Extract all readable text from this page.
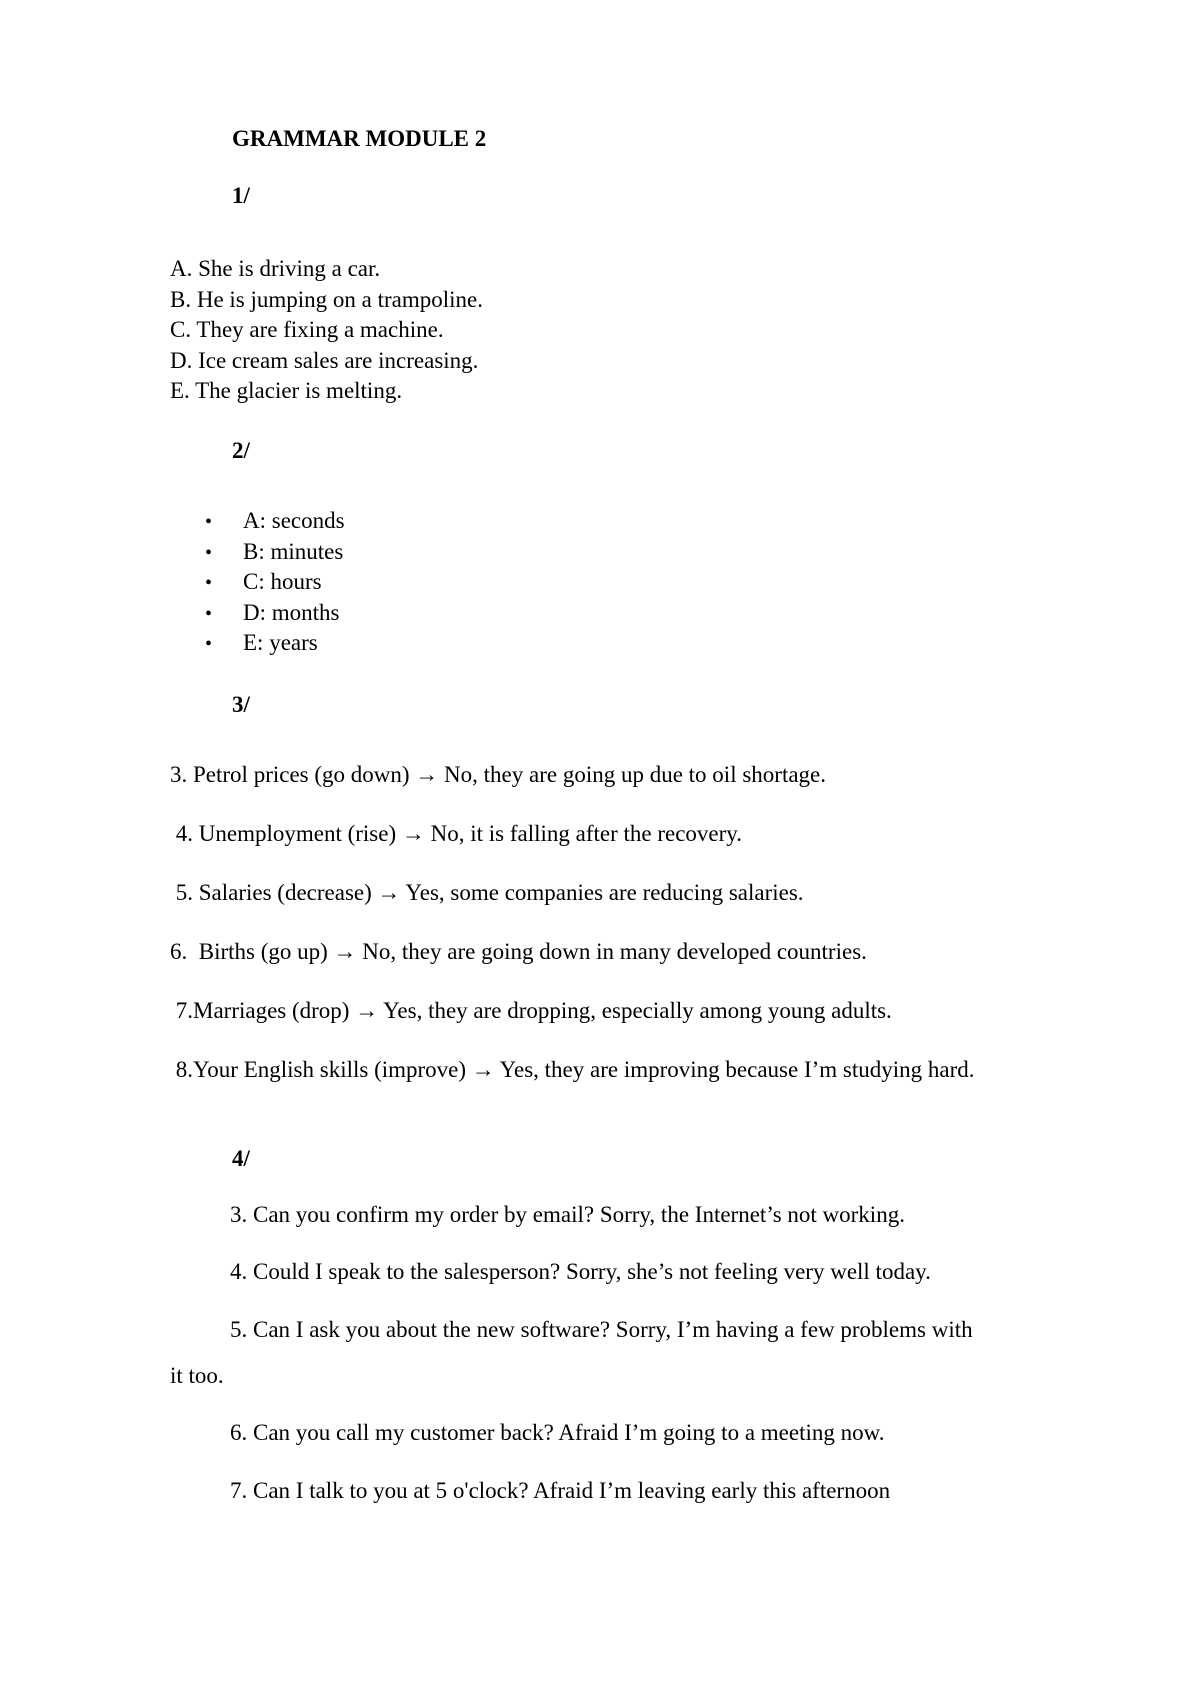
GRAMMAR MODULE 2
1/
A. She is driving a car.
B. He is jumping on a trampoline.
C. They are fixing a machine.
D. Ice cream sales are increasing.
E. The glacier is melting.
2/
• A: seconds
• B: minutes
• C: hours
• D: months
• E: years
3/
3. Petrol prices (go down) → No, they are going up due to oil shortage.
4. Unemployment (rise) → No, it is falling after the recovery.
5. Salaries (decrease) → Yes, some companies are reducing salaries.
6.  Births (go up) → No, they are going down in many developed countries.
7.Marriages (drop) → Yes, they are dropping, especially among young adults.
8.Your English skills (improve) → Yes, they are improving because I’m studying hard.
4/
3. Can you confirm my order by email? Sorry, the Internet’s not working.
4. Could I speak to the salesperson? Sorry, she’s not feeling very well today.
5. Can I ask you about the new software? Sorry, I’m having a few problems with
it too.
6. Can you call my customer back? Afraid I’m going to a meeting now.
7. Can I talk to you at 5 o'clock? Afraid I’m leaving early this afternoon
